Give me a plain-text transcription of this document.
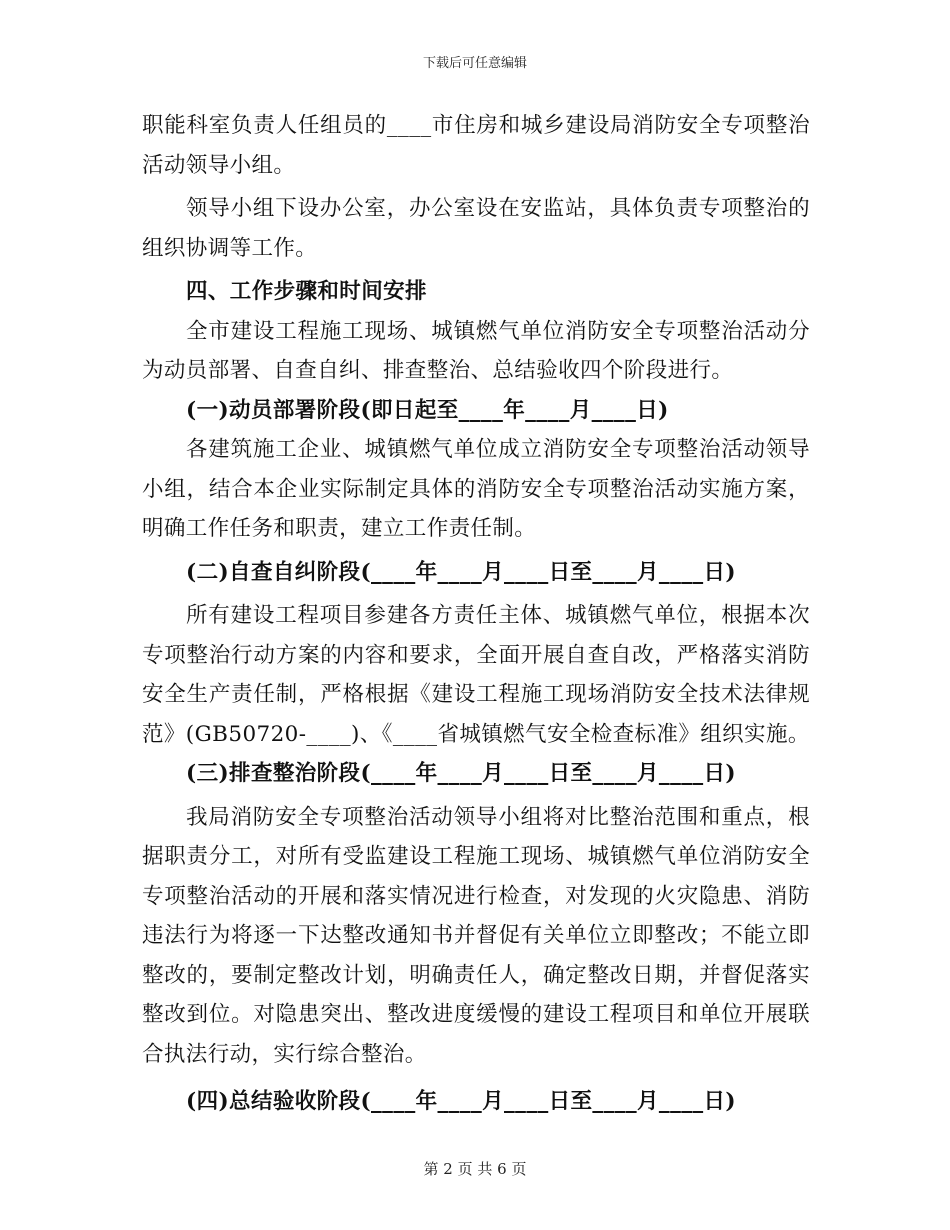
下载后可任意编辑
职能科室负责人任组员的____市住房和城乡建设局消防安全专项整治
活动领导小组。
领导小组下设办公室，办公室设在安监站，具体负责专项整治的
组织协调等工作。
四、工作步骤和时间安排
全市建设工程施工现场、城镇燃气单位消防安全专项整治活动分
为动员部署、自查自纠、排查整治、总结验收四个阶段进行。
(一)动员部署阶段(即日起至____年____月____日)
各建筑施工企业、城镇燃气单位成立消防安全专项整治活动领导
小组，结合本企业实际制定具体的消防安全专项整治活动实施方案，
明确工作任务和职责，建立工作责任制。
(二)自查自纠阶段(____年____月____日至____月____日)
所有建设工程项目参建各方责任主体、城镇燃气单位，根据本次
专项整治行动方案的内容和要求，全面开展自查自改，严格落实消防
安全生产责任制，严格根据《建设工程施工现场消防安全技术法律规
范》(GB50720-____)、《____省城镇燃气安全检查标准》组织实施。
(三)排查整治阶段(____年____月____日至____月____日)
我局消防安全专项整治活动领导小组将对比整治范围和重点，根
据职责分工，对所有受监建设工程施工现场、城镇燃气单位消防安全
专项整治活动的开展和落实情况进行检查，对发现的火灾隐患、消防
违法行为将逐一下达整改通知书并督促有关单位立即整改；不能立即
整改的，要制定整改计划，明确责任人，确定整改日期，并督促落实
整改到位。对隐患突出、整改进度缓慢的建设工程项目和单位开展联
合执法行动，实行综合整治。
(四)总结验收阶段(____年____月____日至____月____日)
第 2 页 共 6 页
